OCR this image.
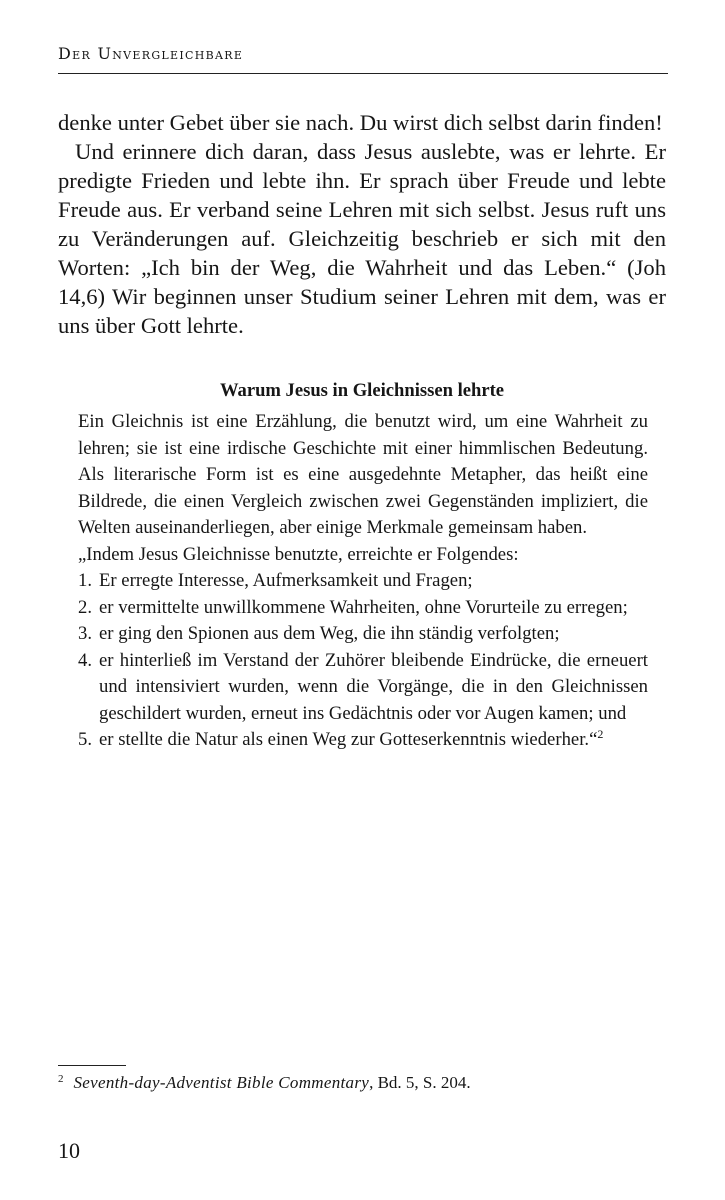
Der Unvergleichbare

denke unter Gebet über sie nach. Du wirst dich selbst darin finden!

Und erinnere dich daran, dass Jesus auslebte, was er lehrte. Er predigte Frieden und lebte ihn. Er sprach über Freude und lebte Freude aus. Er verband seine Lehren mit sich selbst. Jesus ruft uns zu Veränderungen auf. Gleichzeitig beschrieb er sich mit den Worten: „Ich bin der Weg, die Wahrheit und das Leben.“ (Joh 14,6) Wir beginnen unser Studium seiner Lehren mit dem, was er uns über Gott lehrte.

Warum Jesus in Gleichnissen lehrte

Ein Gleichnis ist eine Erzählung, die benutzt wird, um eine Wahrheit zu lehren; sie ist eine irdische Geschichte mit einer himmlischen Bedeutung. Als literarische Form ist es eine ausgedehnte Metapher, das heißt eine Bildrede, die einen Vergleich zwischen zwei Gegenständen impliziert, die Welten auseinanderliegen, aber einige Merkmale gemeinsam haben.

„Indem Jesus Gleichnisse benutzte, erreichte er Folgendes:

1. Er erregte Interesse, Aufmerksamkeit und Fragen;
2. er vermittelte unwillkommene Wahrheiten, ohne Vorurteile zu erregen;
3. er ging den Spionen aus dem Weg, die ihn ständig verfolgten;
4. er hinterließ im Verstand der Zuhörer bleibende Eindrücke, die erneuert und intensiviert wurden, wenn die Vorgänge, die in den Gleichnissen geschildert wurden, erneut ins Gedächtnis oder vor Augen kamen; und
5. er stellte die Natur als einen Weg zur Gotteserkenntnis wiederher.“$^2$
$^2$ Seventh-day-Adventist Bible Commentary, Bd. 5, S. 204.
10
